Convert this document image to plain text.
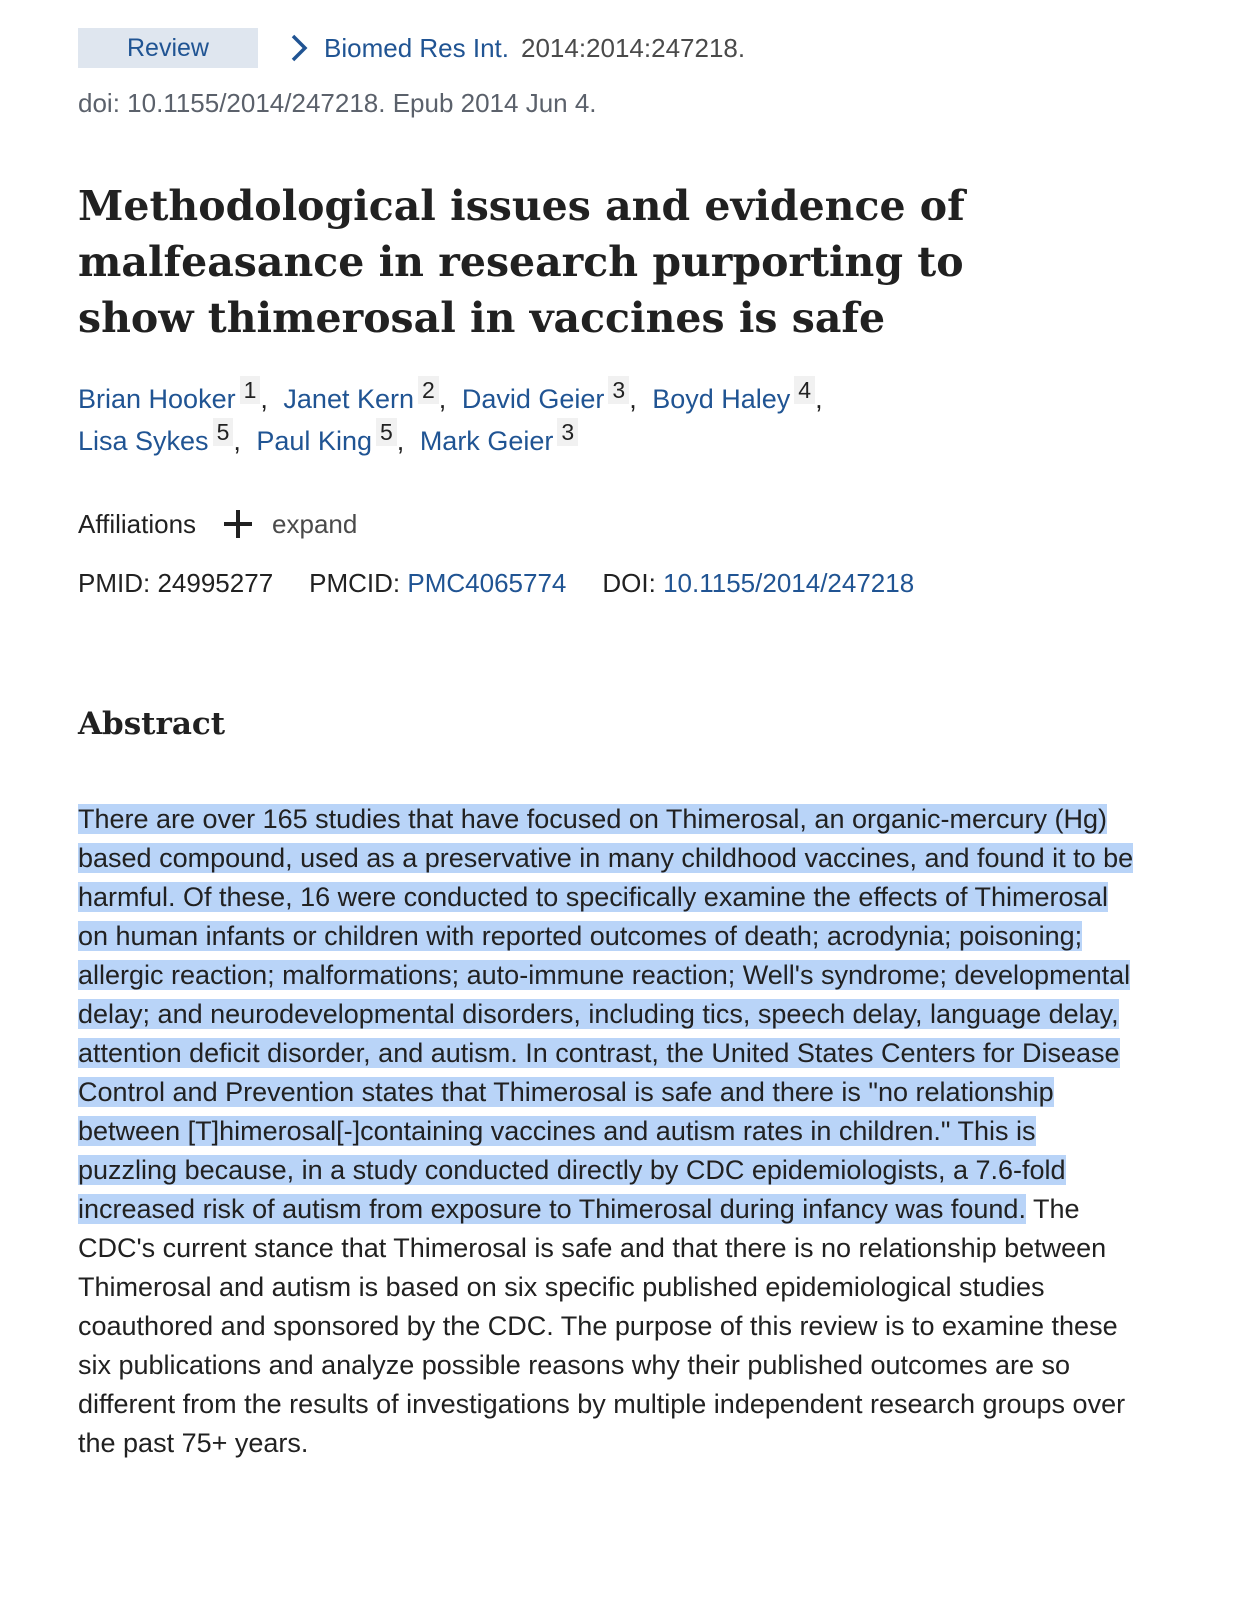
Review	Biomed Res Int. 2014:2014:247218.
doi: 10.1155/2014/247218. Epub 2014 Jun 4.
Methodological issues and evidence of malfeasance in research purporting to show thimerosal in vaccines is safe
Brian Hooker 1 , Janet Kern 2 , David Geier 3 , Boyd Haley 4 ,
Lisa Sykes 5 , Paul King 5 , Mark Geier 3
Affiliations	expand
PMID: 24995277 PMCID: PMC4065774 DOI: 10.1155/2014/247218
Abstract

There are over 165 studies that have focused on Thimerosal, an organic-mercury (Hg) based compound, used as a preservative in many childhood vaccines, and found it to be harmful. Of these, 16 were conducted to specifically examine the effects of Thimerosal on human infants or children with reported outcomes of death; acrodynia; poisoning; allergic reaction; malformations; auto-immune reaction; Well's syndrome; developmental delay; and neurodevelopmental disorders, including tics, speech delay, language delay, attention deficit disorder, and autism. In contrast, the United States Centers for Disease Control and Prevention states that Thimerosal is safe and there is "no relationship between [T]himerosal[-]containing vaccines and autism rates in children." This is puzzling because, in a study conducted directly by CDC epidemiologists, a 7.6-fold increased risk of autism from exposure to Thimerosal during infancy was found. The CDC's current stance that Thimerosal is safe and that there is no relationship between Thimerosal and autism is based on six specific published epidemiological studies coauthored and sponsored by the CDC. The purpose of this review is to examine these six publications and analyze possible reasons why their published outcomes are so different from the results of investigations by multiple independent research groups over the past 75+ years.
